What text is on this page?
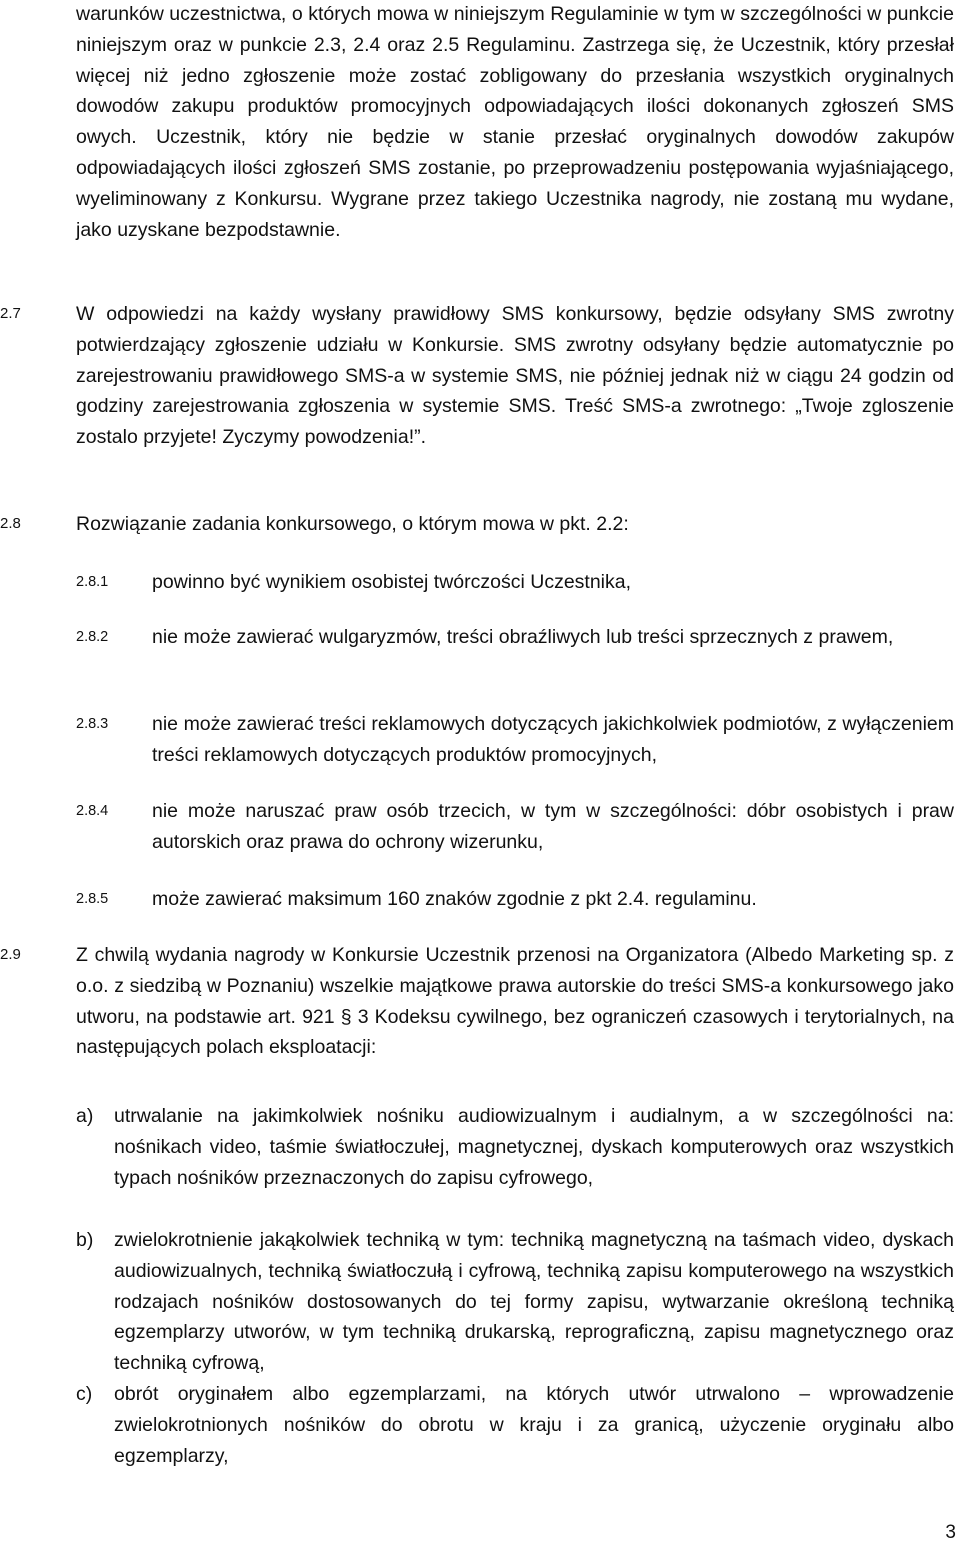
warunków uczestnictwa, o których mowa w niniejszym Regulaminie w tym w szczególności w punkcie niniejszym oraz w punkcie 2.3, 2.4 oraz 2.5 Regulaminu. Zastrzega się, że Uczestnik, który przesłał więcej niż jedno zgłoszenie może zostać zobligowany do przesłania wszystkich oryginalnych dowodów zakupu produktów promocyjnych odpowiadających ilości dokonanych zgłoszeń SMS owych. Uczestnik, który nie będzie w stanie przesłać oryginalnych dowodów zakupów odpowiadających ilości zgłoszeń SMS zostanie, po przeprowadzeniu postępowania wyjaśniającego, wyeliminowany z Konkursu. Wygrane przez takiego Uczestnika nagrody, nie zostaną mu wydane, jako uzyskane bezpodstawnie.

2.7	W odpowiedzi na każdy wysłany prawidłowy SMS konkursowy, będzie odsyłany SMS zwrotny potwierdzający zgłoszenie udziału w Konkursie. SMS zwrotny odsyłany będzie automatycznie po zarejestrowaniu prawidłowego SMS-a w systemie SMS, nie później jednak niż w ciągu 24 godzin od godziny zarejestrowania zgłoszenia w systemie SMS. Treść SMS-a zwrotnego: „Twoje zgloszenie zostalo przyjete! Zyczymy powodzenia!”.

2.8	Rozwiązanie zadania konkursowego, o którym mowa w pkt. 2.2:

2.8.1 powinno być wynikiem osobistej twórczości Uczestnika,

2.8.2 nie może zawierać wulgaryzmów, treści obraźliwych lub treści sprzecznych z prawem,

2.8.3 nie może zawierać treści reklamowych dotyczących jakichkolwiek podmiotów, z wyłączeniem treści reklamowych dotyczących produktów promocyjnych,

2.8.4 nie może naruszać praw osób trzecich, w tym w szczególności: dóbr osobistych i praw autorskich oraz prawa do ochrony wizerunku,

2.8.5 może zawierać maksimum 160 znaków zgodnie z pkt 2.4. regulaminu.

2.9	Z chwilą wydania nagrody w Konkursie Uczestnik przenosi na Organizatora (Albedo Marketing sp. z o.o. z siedzibą w Poznaniu) wszelkie majątkowe prawa autorskie do treści SMS-a konkursowego jako utworu, na podstawie art. 921 § 3 Kodeksu cywilnego, bez ograniczeń czasowych i terytorialnych, na następujących polach eksploatacji:

a) utrwalanie na jakimkolwiek nośniku audiowizualnym i audialnym, a w szczególności na: nośnikach video, taśmie światłoczułej, magnetycznej, dyskach komputerowych oraz wszystkich typach nośników przeznaczonych do zapisu cyfrowego,

b) zwielokrotnienie jakąkolwiek techniką w tym: techniką magnetyczną na taśmach video, dyskach audiowizualnych, techniką światłoczułą i cyfrową, techniką zapisu komputerowego na wszystkich rodzajach nośników dostosowanych do tej formy zapisu, wytwarzanie określoną techniką egzemplarzy utworów, w tym techniką drukarską, reprograficzną, zapisu magnetycznego oraz techniką cyfrową,

c) obrót oryginałem albo egzemplarzami, na których utwór utrwalono – wprowadzenie zwielokrotnionych nośników do obrotu w kraju i za granicą, użyczenie oryginału albo egzemplarzy,

3
